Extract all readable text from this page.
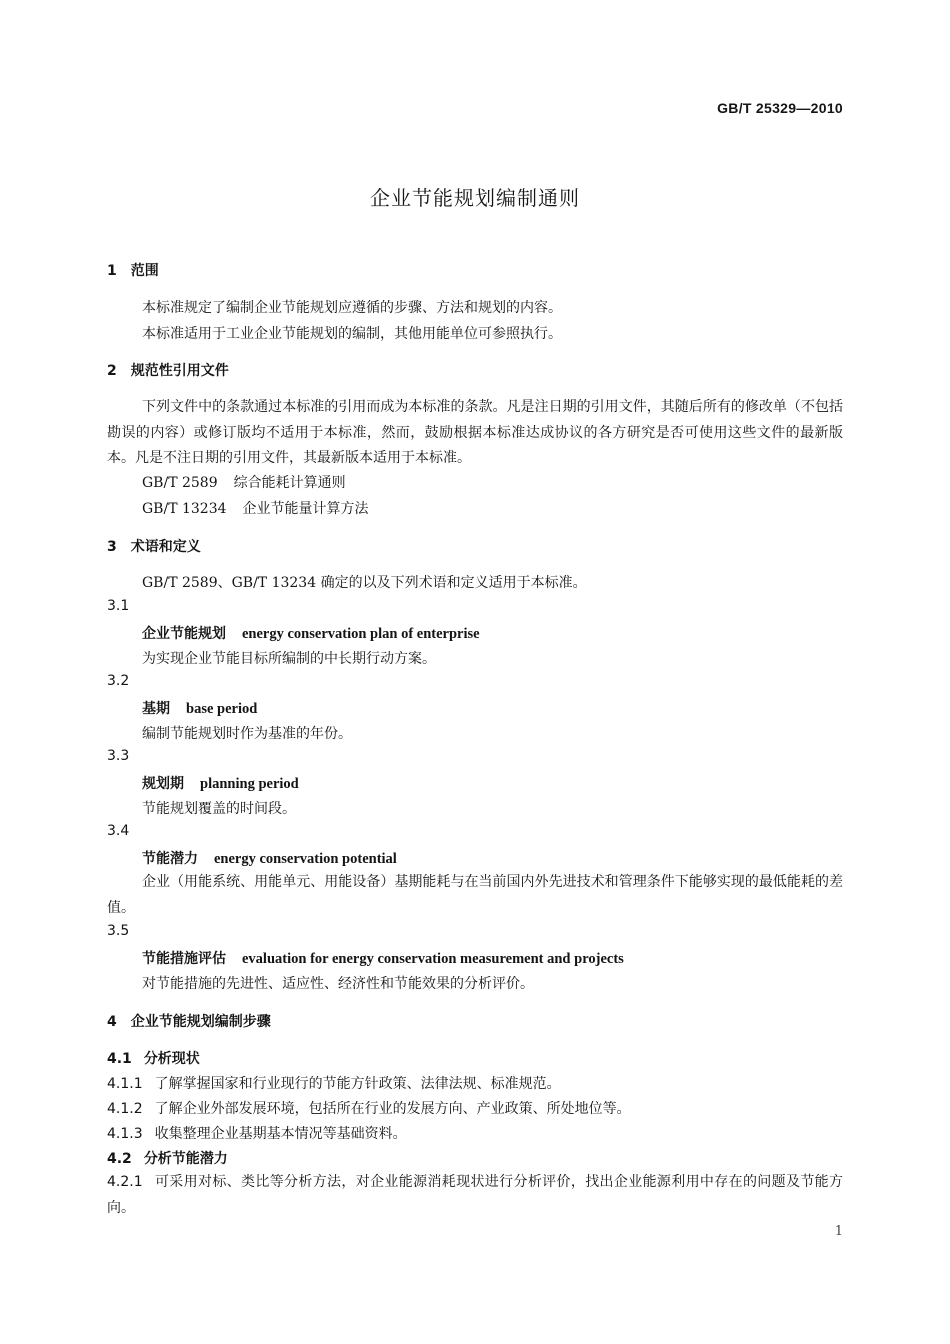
GB/T 25329—2010
企业节能规划编制通则
1 范围
本标准规定了编制企业节能规划应遵循的步骤、方法和规划的内容。
本标准适用于工业企业节能规划的编制，其他用能单位可参照执行。
2 规范性引用文件
下列文件中的条款通过本标准的引用而成为本标准的条款。凡是注日期的引用文件，其随后所有的修改单（不包括勘误的内容）或修订版均不适用于本标准，然而，鼓励根据本标准达成协议的各方研究是否可使用这些文件的最新版本。凡是不注日期的引用文件，其最新版本适用于本标准。
GB/T 2589 综合能耗计算通则
GB/T 13234 企业节能量计算方法
3 术语和定义
GB/T 2589、GB/T 13234 确定的以及下列术语和定义适用于本标准。
3.1
企业节能规划 energy conservation plan of enterprise
为实现企业节能目标所编制的中长期行动方案。
3.2
基期 base period
编制节能规划时作为基准的年份。
3.3
规划期 planning period
节能规划覆盖的时间段。
3.4
节能潜力 energy conservation potential
企业（用能系统、用能单元、用能设备）基期能耗与在当前国内外先进技术和管理条件下能够实现的最低能耗的差值。
3.5
节能措施评估 evaluation for energy conservation measurement and projects
对节能措施的先进性、适应性、经济性和节能效果的分析评价。
4 企业节能规划编制步骤
4.1 分析现状
4.1.1 了解掌握国家和行业现行的节能方针政策、法律法规、标准规范。
4.1.2 了解企业外部发展环境，包括所在行业的发展方向、产业政策、所处地位等。
4.1.3 收集整理企业基期基本情况等基础资料。
4.2 分析节能潜力
4.2.1 可采用对标、类比等分析方法，对企业能源消耗现状进行分析评价，找出企业能源利用中存在的问题及节能方向。
1
